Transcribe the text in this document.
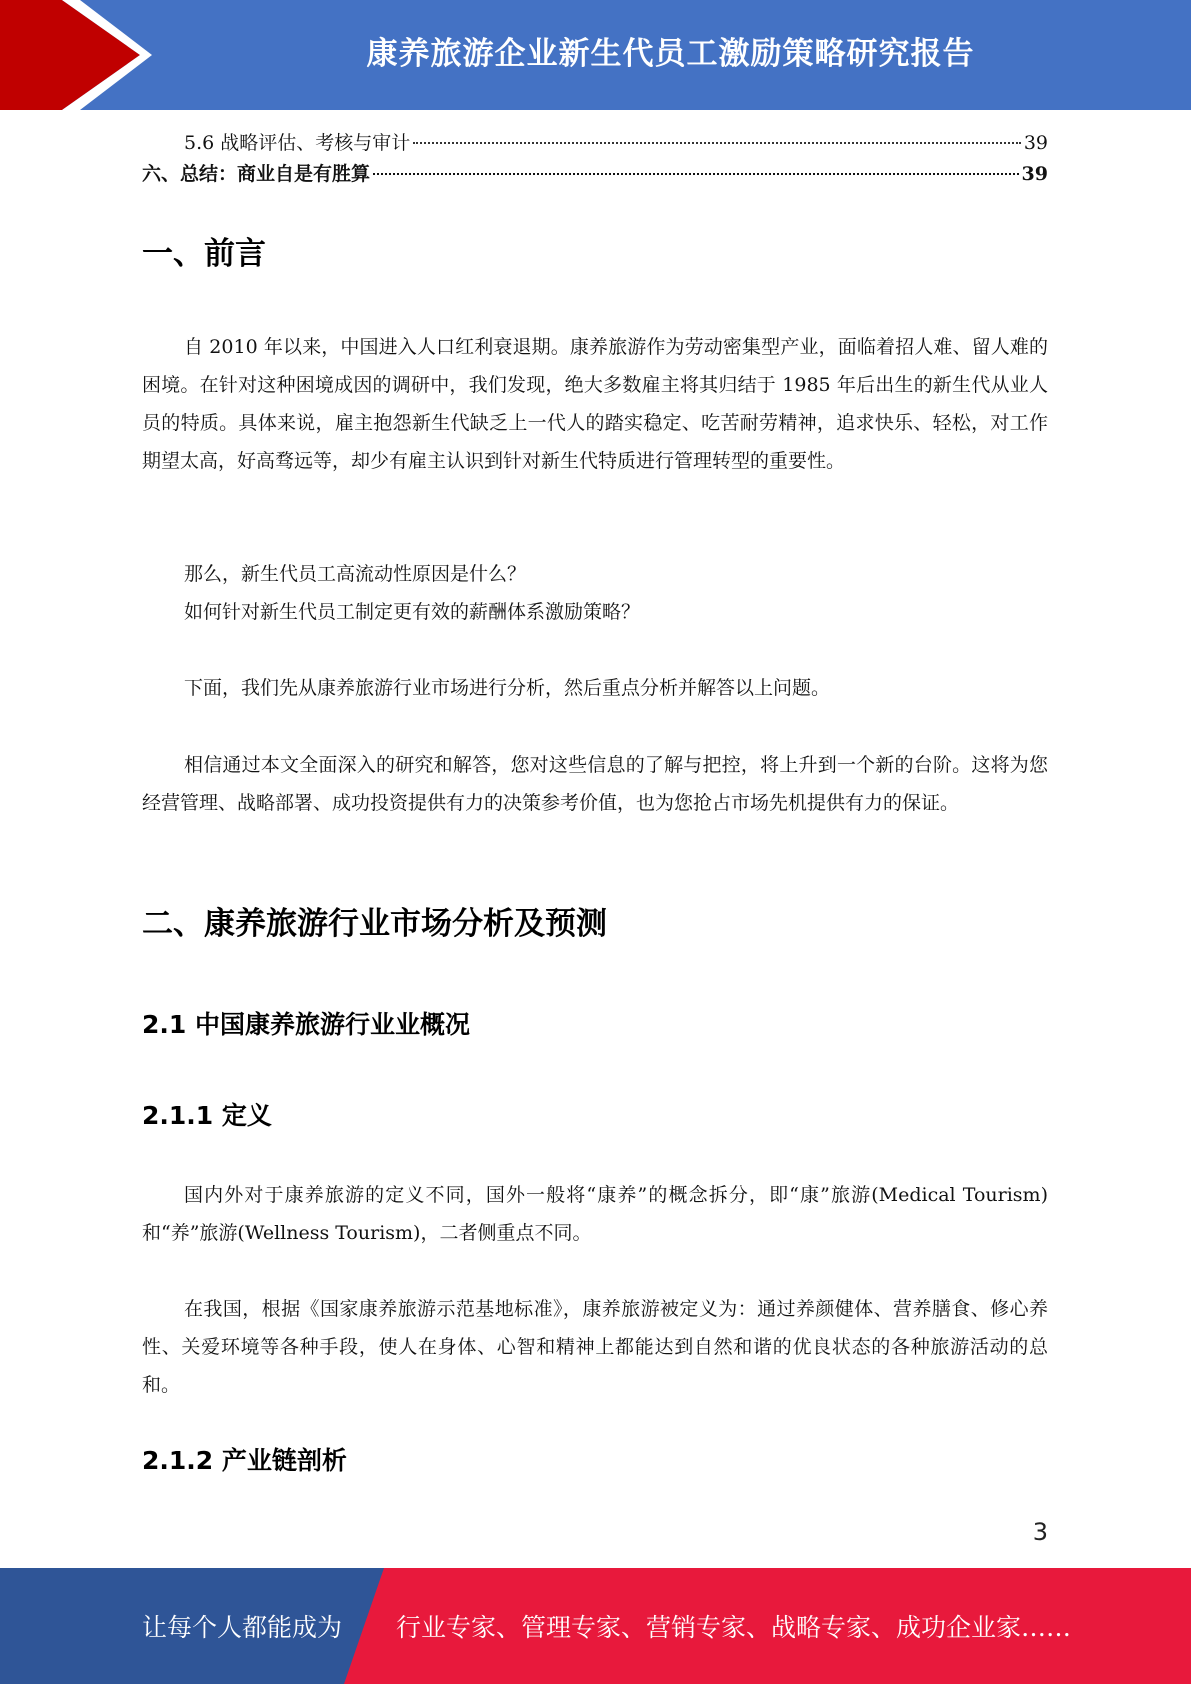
康养旅游企业新生代员工激励策略研究报告
5.6 战略评估、考核与审计	39
六、总结：商业自是有胜算	39
一、前言

自 2010 年以来，中国进入人口红利衰退期。康养旅游作为劳动密集型产业，面临着招人难、留人难的困境。在针对这种困境成因的调研中，我们发现，绝大多数雇主将其归结于 1985 年后出生的新生代从业人员的特质。具体来说，雇主抱怨新生代缺乏上一代人的踏实稳定、吃苦耐劳精神，追求快乐、轻松，对工作期望太高，好高骛远等，却少有雇主认识到针对新生代特质进行管理转型的重要性。

那么，新生代员工高流动性原因是什么？
如何针对新生代员工制定更有效的薪酬体系激励策略？

下面，我们先从康养旅游行业市场进行分析，然后重点分析并解答以上问题。

相信通过本文全面深入的研究和解答，您对这些信息的了解与把控，将上升到一个新的台阶。这将为您经营管理、战略部署、成功投资提供有力的决策参考价值，也为您抢占市场先机提供有力的保证。

二、康养旅游行业市场分析及预测
2.1 中国康养旅游行业业概况
2.1.1 定义

国内外对于康养旅游的定义不同，国外一般将“康养”的概念拆分，即“康”旅游(Medical Tourism)和“养”旅游(Wellness Tourism)，二者侧重点不同。

在我国，根据《国家康养旅游示范基地标准》，康养旅游被定义为：通过养颜健体、营养膳食、修心养性、关爱环境等各种手段，使人在身体、心智和精神上都能达到自然和谐的优良状态的各种旅游活动的总和。

2.1.2 产业链剖析
3
让每个人都能成为 行业专家、管理专家、营销专家、战略专家、成功企业家……
